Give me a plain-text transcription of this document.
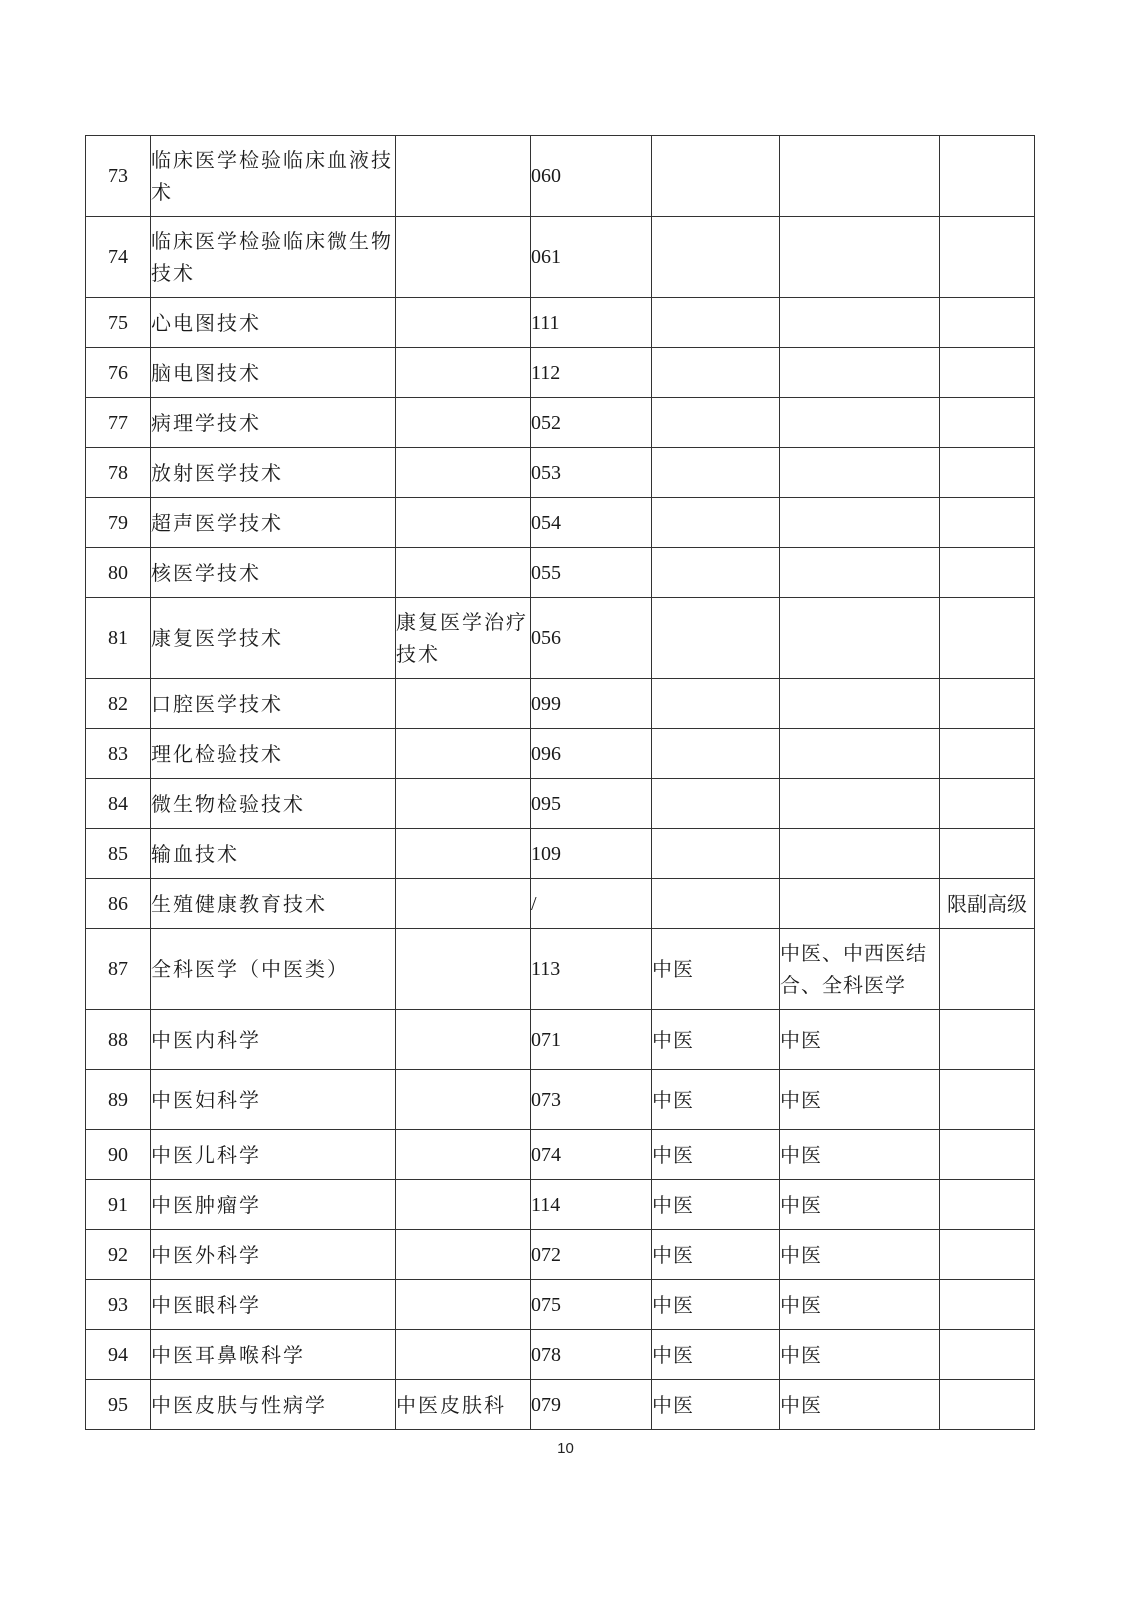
73	临床医学检验临床血液技术		060			
74	临床医学检验临床微生物技术		061			
75	心电图技术		111			
76	脑电图技术		112			
77	病理学技术		052			
78	放射医学技术		053			
79	超声医学技术		054			
80	核医学技术		055			
81	康复医学技术	康复医学治疗技术	056			
82	口腔医学技术		099			
83	理化检验技术		096			
84	微生物检验技术		095			
85	输血技术		109			
86	生殖健康教育技术		/			限副高级
87	全科医学（中医类）		113	中医	中医、中西医结合、全科医学	
88	中医内科学		071	中医	中医	
89	中医妇科学		073	中医	中医	
90	中医儿科学		074	中医	中医	
91	中医肿瘤学		114	中医	中医	
92	中医外科学		072	中医	中医	
93	中医眼科学		075	中医	中医	
94	中医耳鼻喉科学		078	中医	中医	
95	中医皮肤与性病学	中医皮肤科	079	中医	中医	
10
